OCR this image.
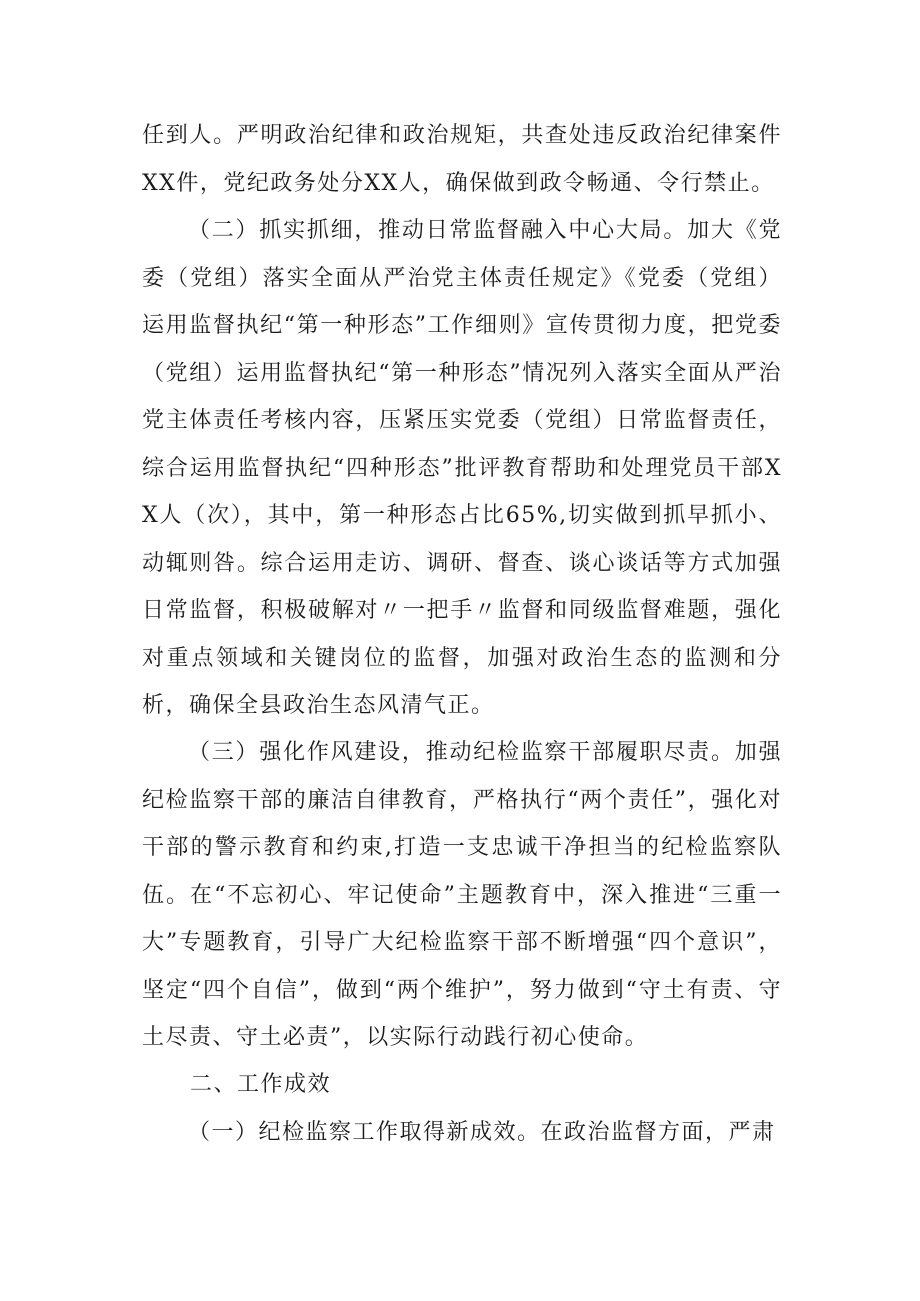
任到人。严明政治纪律和政治规矩，共查处违反政治纪律案件XX件，党纪政务处分XX人，确保做到政令畅通、令行禁止。

（二）抓实抓细，推动日常监督融入中心大局。加大《党委（党组）落实全面从严治党主体责任规定》《党委（党组）运用监督执纪“第一种形态”工作细则》宣传贯彻力度，把党委（党组）运用监督执纪“第一种形态”情况列入落实全面从严治党主体责任考核内容，压紧压实党委（党组）日常监督责任，综合运用监督执纪“四种形态”批评教育帮助和处理党员干部XX人（次），其中，第一种形态占比65%,切实做到抓早抓小、动辄则咎。综合运用走访、调研、督查、谈心谈话等方式加强日常监督，积极破解对〃一把手〃监督和同级监督难题，强化对重点领域和关键岗位的监督，加强对政治生态的监测和分析，确保全县政治生态风清气正。

（三）强化作风建设，推动纪检监察干部履职尽责。加强纪检监察干部的廉洁自律教育，严格执行“两个责任”，强化对干部的警示教育和约束,打造一支忠诚干净担当的纪检监察队伍。在“不忘初心、牢记使命”主题教育中，深入推进“三重一大”专题教育，引导广大纪检监察干部不断增强“四个意识”，坚定“四个自信”，做到“两个维护”，努力做到“守土有责、守土尽责、守土必责”，以实际行动践行初心使命。

二、工作成效

（一）纪检监察工作取得新成效。在政治监督方面，严肃
